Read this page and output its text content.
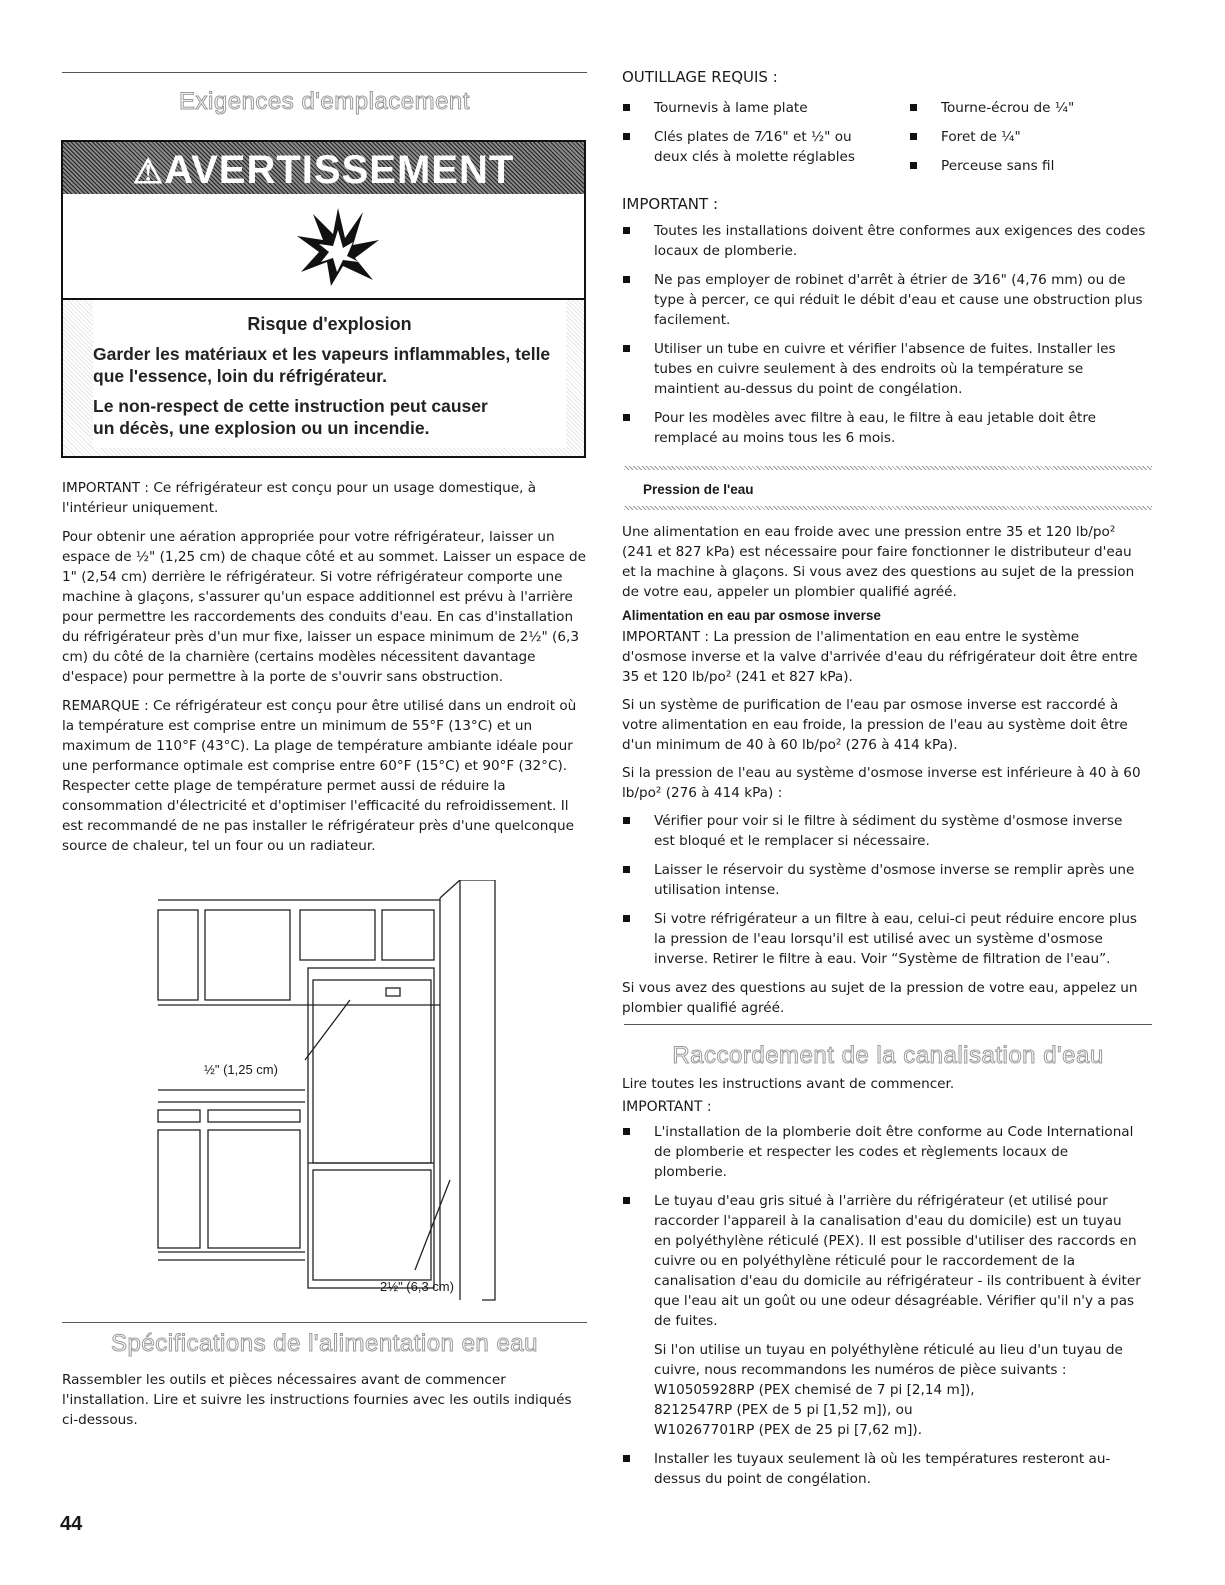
Exigences d'emplacement
⚠AVERTISSEMENT
Risque d'explosion
Garder les matériaux et les vapeurs inflammables, telle que l'essence, loin du réfrigérateur.
Le non-respect de cette instruction peut causer un décès, une explosion ou un incendie.

IMPORTANT : Ce réfrigérateur est conçu pour un usage domestique, à l'intérieur uniquement.

Pour obtenir une aération appropriée pour votre réfrigérateur, laisser un espace de ½" (1,25 cm) de chaque côté et au sommet. Laisser un espace de 1" (2,54 cm) derrière le réfrigérateur. Si votre réfrigérateur comporte une machine à glaçons, s'assurer qu'un espace additionnel est prévu à l'arrière pour permettre les raccordements des conduits d'eau. En cas d'installation du réfrigérateur près d'un mur fixe, laisser un espace minimum de 2½" (6,3 cm) du côté de la charnière (certains modèles nécessitent davantage d'espace) pour permettre à la porte de s'ouvrir sans obstruction.

REMARQUE : Ce réfrigérateur est conçu pour être utilisé dans un endroit où la température est comprise entre un minimum de 55°F (13°C) et un maximum de 110°F (43°C). La plage de température ambiante idéale pour une performance optimale est comprise entre 60°F (15°C) et 90°F (32°C). Respecter cette plage de température permet aussi de réduire la consommation d'électricité et d'optimiser l'efficacité du refroidissement. Il est recommandé de ne pas installer le réfrigérateur près d'une quelconque source de chaleur, tel un four ou un radiateur.

½" (1,25 cm)
2½" (6,3 cm)
Spécifications de l'alimentation en eau

Rassembler les outils et pièces nécessaires avant de commencer l'installation. Lire et suivre les instructions fournies avec les outils indiqués ci-dessous.

44
OUTILLAGE REQUIS :
Tournevis à lame plate
Clés plates de 7⁄16" et ½" ou deux clés à molette réglables
Tourne-écrou de ¼"
Foret de ¼"
Perceuse sans fil
IMPORTANT :
Toutes les installations doivent être conformes aux exigences des codes locaux de plomberie.
Ne pas employer de robinet d'arrêt à étrier de 3⁄16" (4,76 mm) ou de type à percer, ce qui réduit le débit d'eau et cause une obstruction plus facilement.
Utiliser un tube en cuivre et vérifier l'absence de fuites. Installer les tubes en cuivre seulement à des endroits où la température se maintient au-dessus du point de congélation.
Pour les modèles avec filtre à eau, le filtre à eau jetable doit être remplacé au moins tous les 6 mois.
Pression de l'eau

Une alimentation en eau froide avec une pression entre 35 et 120 lb/po² (241 et 827 kPa) est nécessaire pour faire fonctionner le distributeur d'eau et la machine à glaçons. Si vous avez des questions au sujet de la pression de votre eau, appeler un plombier qualifié agréé.

Alimentation en eau par osmose inverse

IMPORTANT : La pression de l'alimentation en eau entre le système d'osmose inverse et la valve d'arrivée d'eau du réfrigérateur doit être entre 35 et 120 lb/po² (241 et 827 kPa).

Si un système de purification de l'eau par osmose inverse est raccordé à votre alimentation en eau froide, la pression de l'eau au système doit être d'un minimum de 40 à 60 lb/po² (276 à 414 kPa).

Si la pression de l'eau au système d'osmose inverse est inférieure à 40 à 60 lb/po² (276 à 414 kPa) :

Vérifier pour voir si le filtre à sédiment du système d'osmose inverse est bloqué et le remplacer si nécessaire.
Laisser le réservoir du système d'osmose inverse se remplir après une utilisation intense.
Si votre réfrigérateur a un filtre à eau, celui-ci peut réduire encore plus la pression de l'eau lorsqu'il est utilisé avec un système d'osmose inverse. Retirer le filtre à eau. Voir “Système de filtration de l'eau”.

Si vous avez des questions au sujet de la pression de votre eau, appelez un plombier qualifié agréé.

Raccordement de la canalisation d'eau

Lire toutes les instructions avant de commencer.

IMPORTANT :
L'installation de la plomberie doit être conforme au Code International de plomberie et respecter les codes et règlements locaux de plomberie.
Le tuyau d'eau gris situé à l'arrière du réfrigérateur (et utilisé pour raccorder l'appareil à la canalisation d'eau du domicile) est un tuyau en polyéthylène réticulé (PEX). Il est possible d'utiliser des raccords en cuivre ou en polyéthylène réticulé pour le raccordement de la canalisation d'eau du domicile au réfrigérateur - ils contribuent à éviter que l'eau ait un goût ou une odeur désagréable. Vérifier qu'il n'y a pas de fuites.
Si l'on utilise un tuyau en polyéthylène réticulé au lieu d'un tuyau de cuivre, nous recommandons les numéros de pièce suivants :
W10505928RP (PEX chemisé de 7 pi [2,14 m]),
8212547RP (PEX de 5 pi [1,52 m]), ou
W10267701RP (PEX de 25 pi [7,62 m]).
Installer les tuyaux seulement là où les températures resteront au-dessus du point de congélation.
